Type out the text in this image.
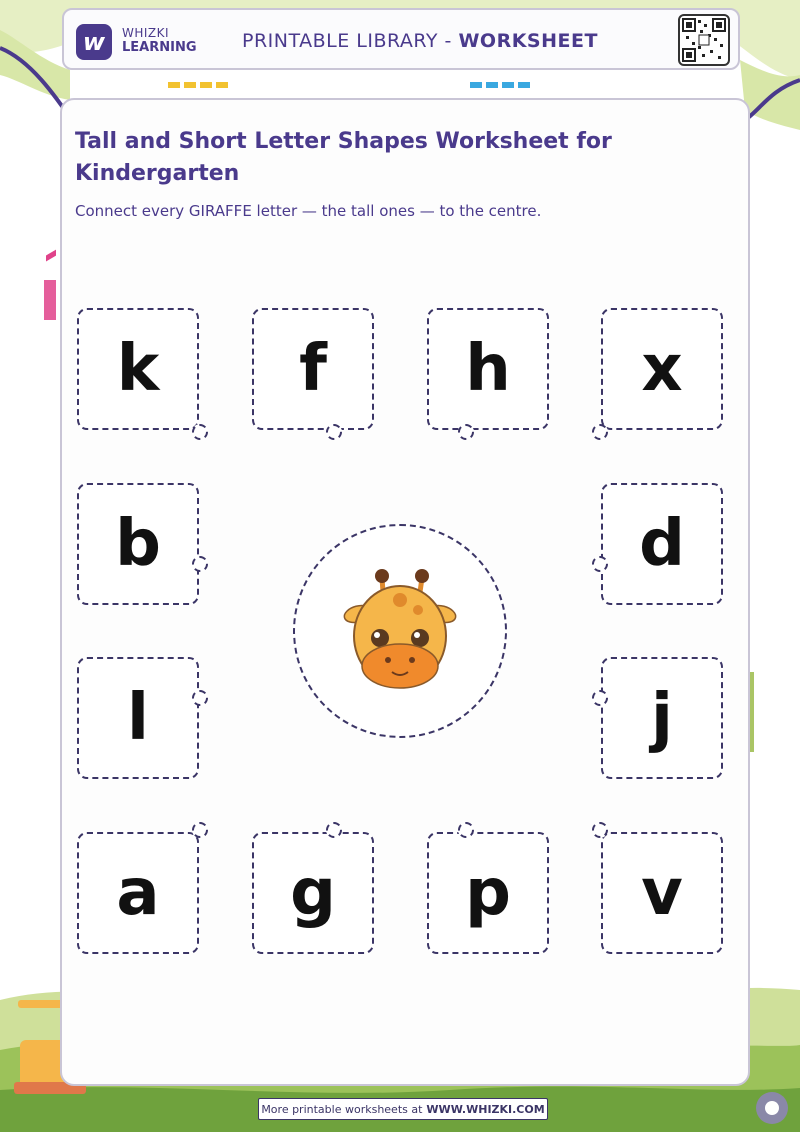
w WHIZKI
LEARNING PRINTABLE LIBRARY - WORKSHEET
Tall and Short Letter Shapes Worksheet for Kindergarten
Connect every GIRAFFE letter — the tall ones — to the centre.
k f h x
b	d
l	j
a g p v
More printable worksheets at WWW.WHIZKI.COM
